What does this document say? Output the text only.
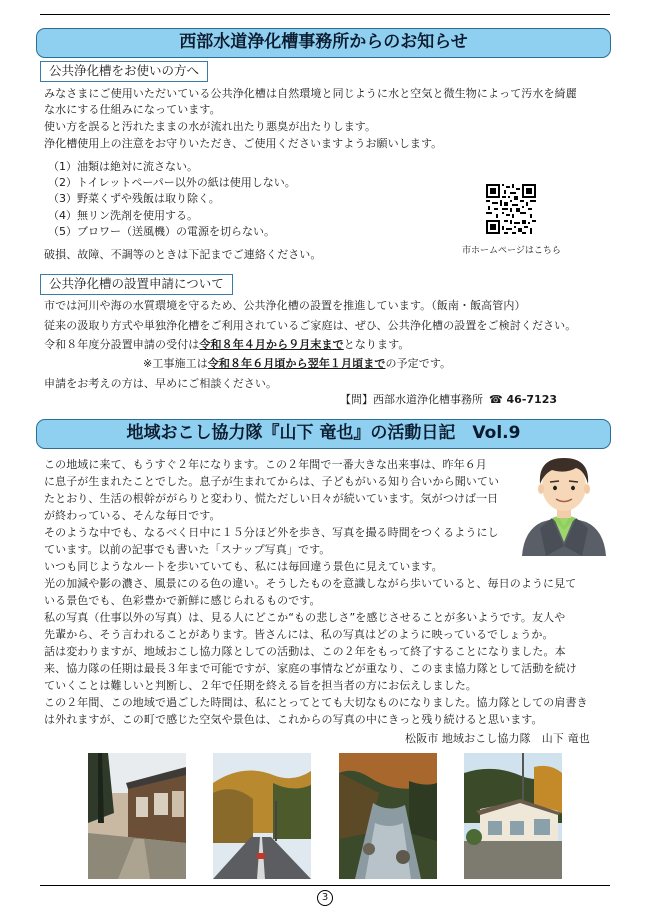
西部水道浄化槽事務所からのお知らせ
公共浄化槽をお使いの方へ
みなさまにご使用いただいている公共浄化槽は自然環境と同じように水と空気と微生物によって汚水を綺麗
な水にする仕組みになっています。
使い方を誤ると汚れたままの水が流れ出たり悪臭が出たりします。
浄化槽使用上の注意をお守りいただき、ご使用くださいますようお願いします。
（1）油類は絶対に流さない。
（2）トイレットペーパー以外の紙は使用しない。
（3）野菜くずや残飯は取り除く。
（4）無リン洗剤を使用する。
（5）ブロワー（送風機）の電源を切らない。
破損、故障、不調等のときは下記までご連絡ください。	市ホームページはこちら
公共浄化槽の設置申請について
市では河川や海の水質環境を守るため、公共浄化槽の設置を推進しています。（飯南・飯高管内）
従来の汲取り方式や単独浄化槽をご利用されているご家庭は、ぜひ、公共浄化槽の設置をご検討ください。
令和８年度分設置申請の受付は令和８年４月から９月末までとなります。
※工事施工は令和８年６月頃から翌年１月頃までの予定です。
申請をお考えの方は、早めにご相談ください。
【問】西部水道浄化槽事務所 ☎ 46-7123
地域おこし協力隊『山下 竜也』の活動日記　Vol.9
この地域に来て、もうすぐ２年になります。この２年間で一番大きな出来事は、昨年６月
に息子が生まれたことでした。息子が生まれてからは、子どもがいる知り合いから聞いてい
たとおり、生活の根幹ががらりと変わり、慌ただしい日々が続いています。気がつけば一日
が終わっている、そんな毎日です。
そのような中でも、なるべく日中に１５分ほど外を歩き、写真を撮る時間をつくるようにし
ています。以前の記事でも書いた「スナップ写真」です。
いつも同じようなルートを歩いていても、私には毎回違う景色に見えています。
光の加減や影の濃さ、風景にのる色の違い。そうしたものを意識しながら歩いていると、毎日のように見て
いる景色でも、色彩豊かで新鮮に感じられるものです。
私の写真（仕事以外の写真）は、見る人にどこか“もの悲しさ”を感じさせることが多いようです。友人や
先輩から、そう言われることがあります。皆さんには、私の写真はどのように映っているでしょうか。
話は変わりますが、地域おこし協力隊としての活動は、この２年をもって終了することになりました。本
来、協力隊の任期は最長３年まで可能ですが、家庭の事情などが重なり、このまま協力隊として活動を続け
ていくことは難しいと判断し、２年で任期を終える旨を担当者の方にお伝えしました。
この２年間、この地域で過ごした時間は、私にとってとても大切なものになりました。協力隊としての肩書き
は外れますが、この町で感じた空気や景色は、これからの写真の中にきっと残り続けると思います。
松阪市 地域おこし協力隊　山下 竜也
3
